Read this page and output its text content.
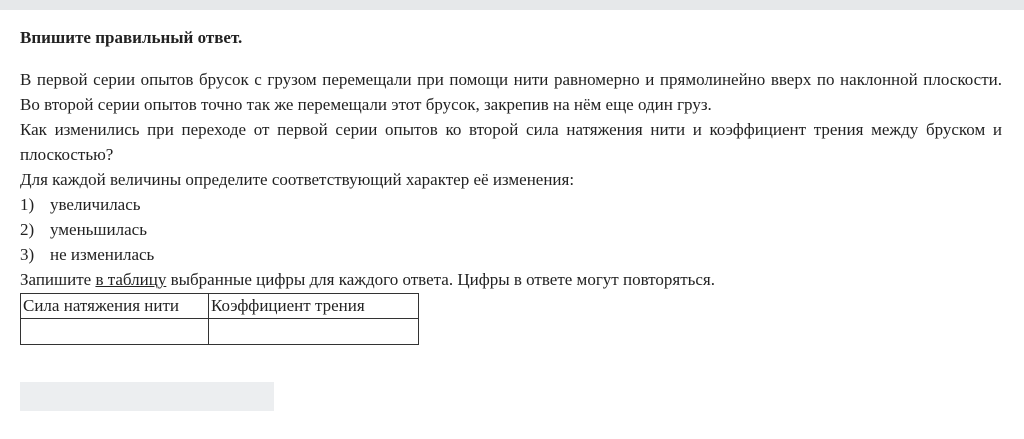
Впишите правильный ответ.

В первой серии опытов брусок с грузом перемещали при помощи нити равномерно и прямолинейно вверх по наклонной плоскости. Во второй серии опытов точно так же перемещали этот брусок, закрепив на нём еще один груз.

Как изменились при переходе от первой серии опытов ко второй сила натяжения нити и коэффициент трения между бруском и плоскостью?

Для каждой величины определите соответствующий характер её изменения:

1) увеличилась
2) уменьшилась
3) не изменилась

Запишите в таблицу выбранные цифры для каждого ответа. Цифры в ответе могут повторяться.

Сила натяжения нити	Коэффициент трения
